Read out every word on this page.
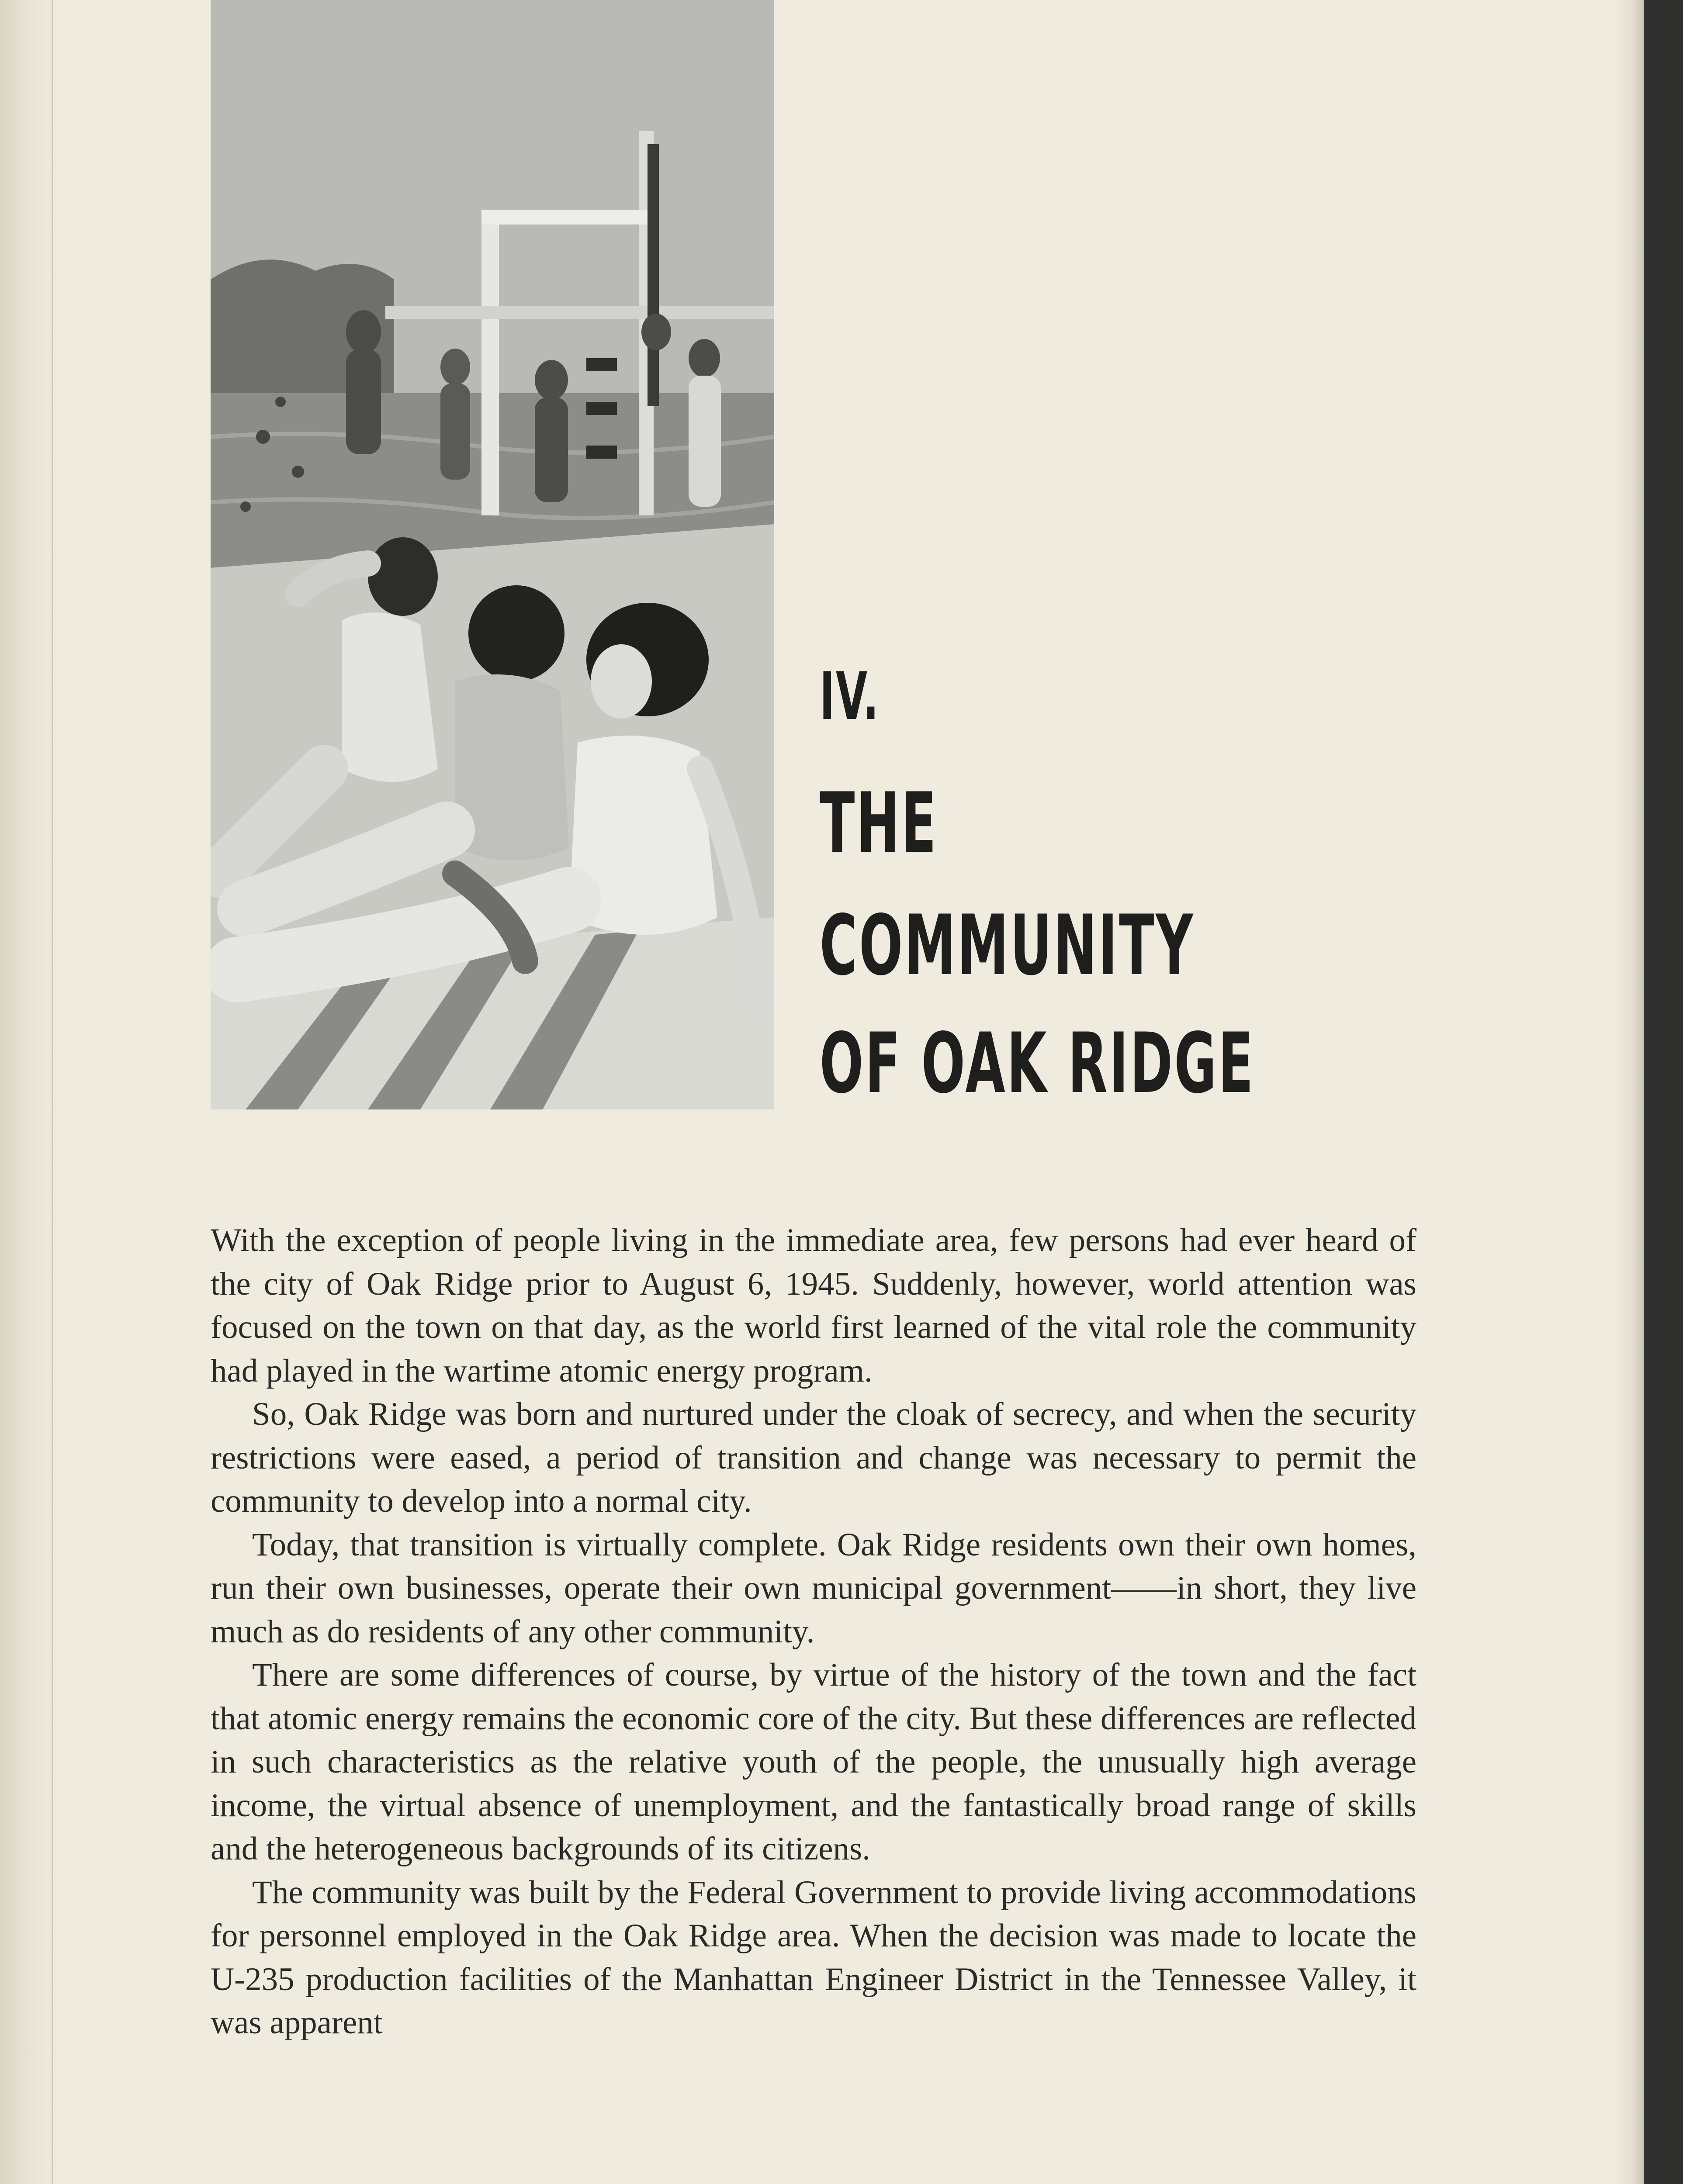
IV.
THE
COMMUNITY
OF OAK RIDGE

With the exception of people living in the immediate area, few persons had ever heard of the city of Oak Ridge prior to August 6, 1945. Suddenly, however, world attention was focused on the town on that day, as the world first learned of the vital role the community had played in the wartime atomic energy program.

So, Oak Ridge was born and nurtured under the cloak of secrecy, and when the security restrictions were eased, a period of transition and change was necessary to permit the community to develop into a normal city.

Today, that transition is virtually complete. Oak Ridge residents own their own homes, run their own businesses, operate their own municipal government——in short, they live much as do residents of any other community.

There are some differences of course, by virtue of the history of the town and the fact that atomic energy remains the economic core of the city. But these differences are reflected in such characteristics as the relative youth of the people, the unusually high average income, the virtual absence of unemployment, and the fantastically broad range of skills and the heterogeneous backgrounds of its citizens.

The community was built by the Federal Government to provide living accommodations for personnel employed in the Oak Ridge area. When the decision was made to locate the U-235 production facilities of the Manhattan Engineer District in the Tennessee Valley, it was apparent
